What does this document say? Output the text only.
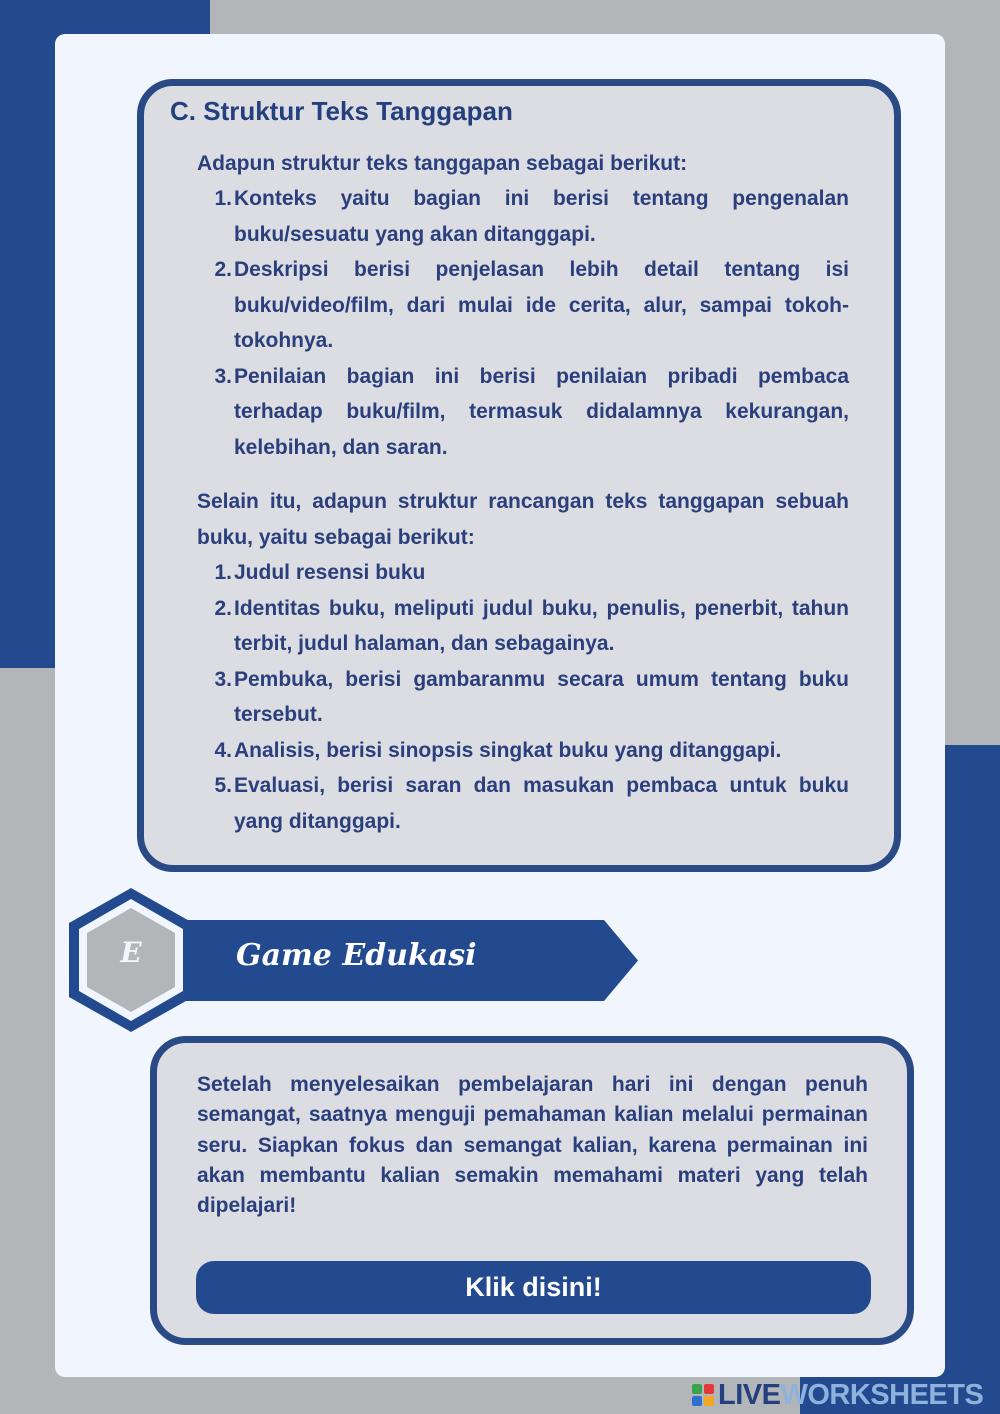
C. Struktur Teks Tanggapan

Adapun struktur teks tanggapan sebagai berikut:

1. Konteks yaitu bagian ini berisi tentang pengenalan buku/sesuatu yang akan ditanggapi.
2. Deskripsi berisi penjelasan lebih detail tentang isi buku/video/film, dari mulai ide cerita, alur, sampai tokoh-tokohnya.
3. Penilaian bagian ini berisi penilaian pribadi pembaca terhadap buku/film, termasuk didalamnya kekurangan, kelebihan, dan saran.

Selain itu, adapun struktur rancangan teks tanggapan sebuah buku, yaitu sebagai berikut:

1. Judul resensi buku
2. Identitas buku, meliputi judul buku, penulis, penerbit, tahun terbit, judul halaman, dan sebagainya.
3. Pembuka, berisi gambaranmu secara umum tentang buku tersebut.
4. Analisis, berisi sinopsis singkat buku yang ditanggapi.
5. Evaluasi, berisi saran dan masukan pembaca untuk buku yang ditanggapi.
E	Game Edukasi

Setelah menyelesaikan pembelajaran hari ini dengan penuh semangat, saatnya menguji pemahaman kalian melalui permainan seru. Siapkan fokus dan semangat kalian, karena permainan ini akan membantu kalian semakin memahami materi yang telah dipelajari!

Klik disini!
LIVE WORKSHEETS
